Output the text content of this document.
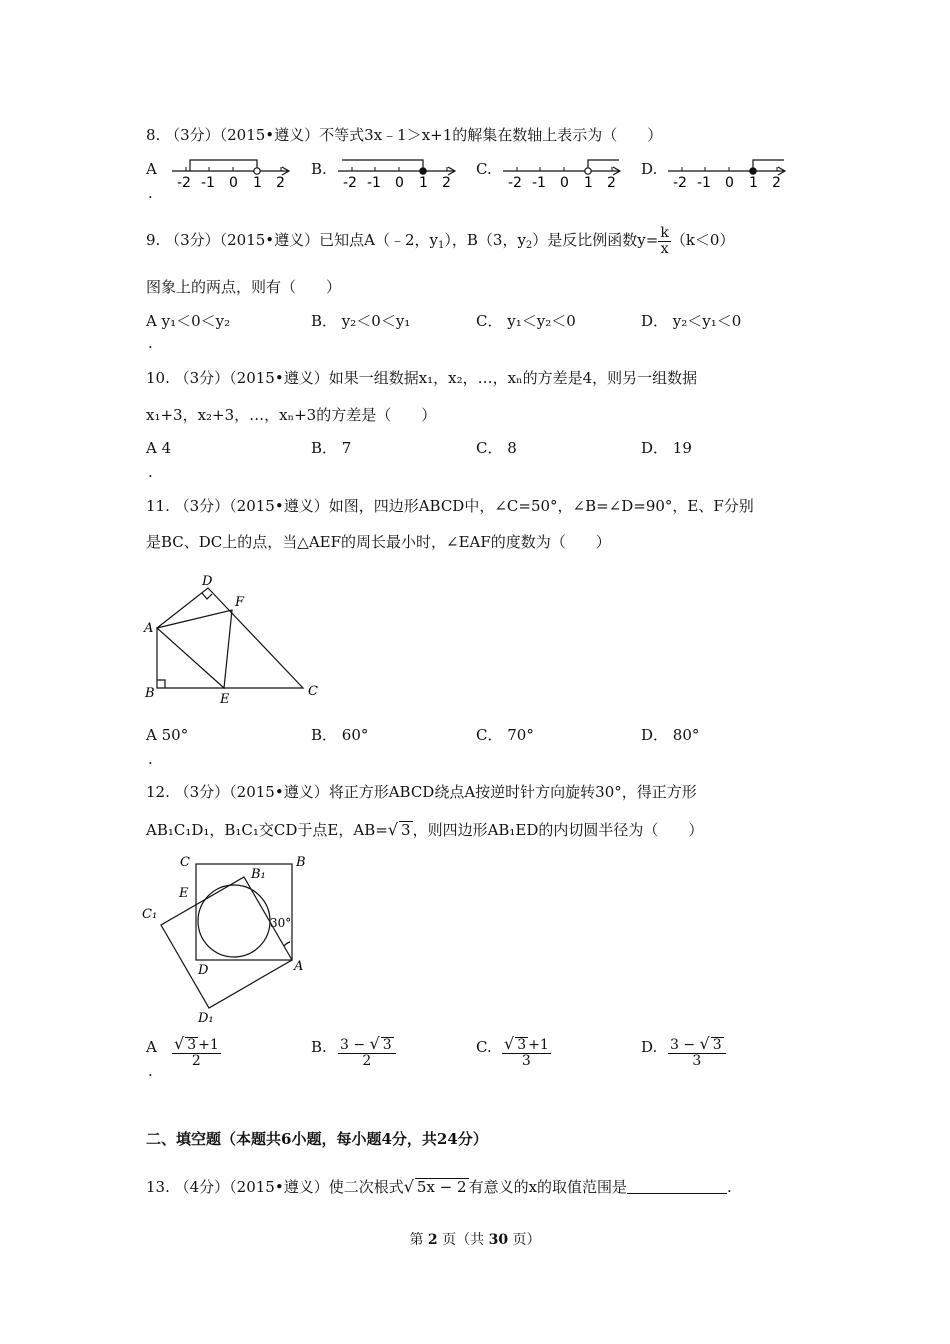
8. （3分）（2015•遵义）不等式3x﹣1＞x+1的解集在数轴上表示为（　　）
A
.
-2 -1 0 1 2
B.
-2 -1 0 1 2
C.
-2 -1 0 1 2
D.
-2 -1 0 1 2
9. （3分）（2015•遵义）已知点A（﹣2，$y_1$），B（3，$y_2$）是反比例函数$y= \frac{k}{x} (k<0)$
图象上的两点，则有（　　）
A y₁＜0＜y₂
.
B． y₂＜0＜y₁	C． y₁＜y₂＜0	D． y₂＜y₁＜0
10. （3分）（2015•遵义）如果一组数据x₁，x₂，…，xₙ的方差是4，则另一组数据
x₁+3，x₂+3，…，xₙ+3的方差是（　　）
A 4
.
B． 7	C． 8	D． 19
11. （3分）（2015•遵义）如图，四边形ABCD中，∠C=50°，∠B=∠D=90°，E、F分别
是BC、DC上的点，当△AEF的周长最小时，∠EAF的度数为（　　）
D
F
A
B	E
C
A 50°
.
B． 60°	C． 70°	D． 80°
12. （3分）（2015•遵义）将正方形ABCD绕点A按逆时针方向旋转30°，得正方形
AB₁C₁D₁，B₁C₁交CD于点E，AB=√ 3 ，则四边形AB₁ED的内切圆半径为（　　）
C	B
B₁
E
C₁
30°
D	A
D₁
A
.
$\frac{√ 3 +1}{2}$	B. $\frac{3 - √ 3}{2}$	C. $\frac{√ 3 +1}{3}$	D. $\frac{3 - √ 3}{3}$
二、填空题（本题共6小题，每小题4分，共24分）
13. （4分）（2015•遵义）使二次根式√ 5x − 2 有意义的x的取值范围是	.
第 2 页（共 30 页）
